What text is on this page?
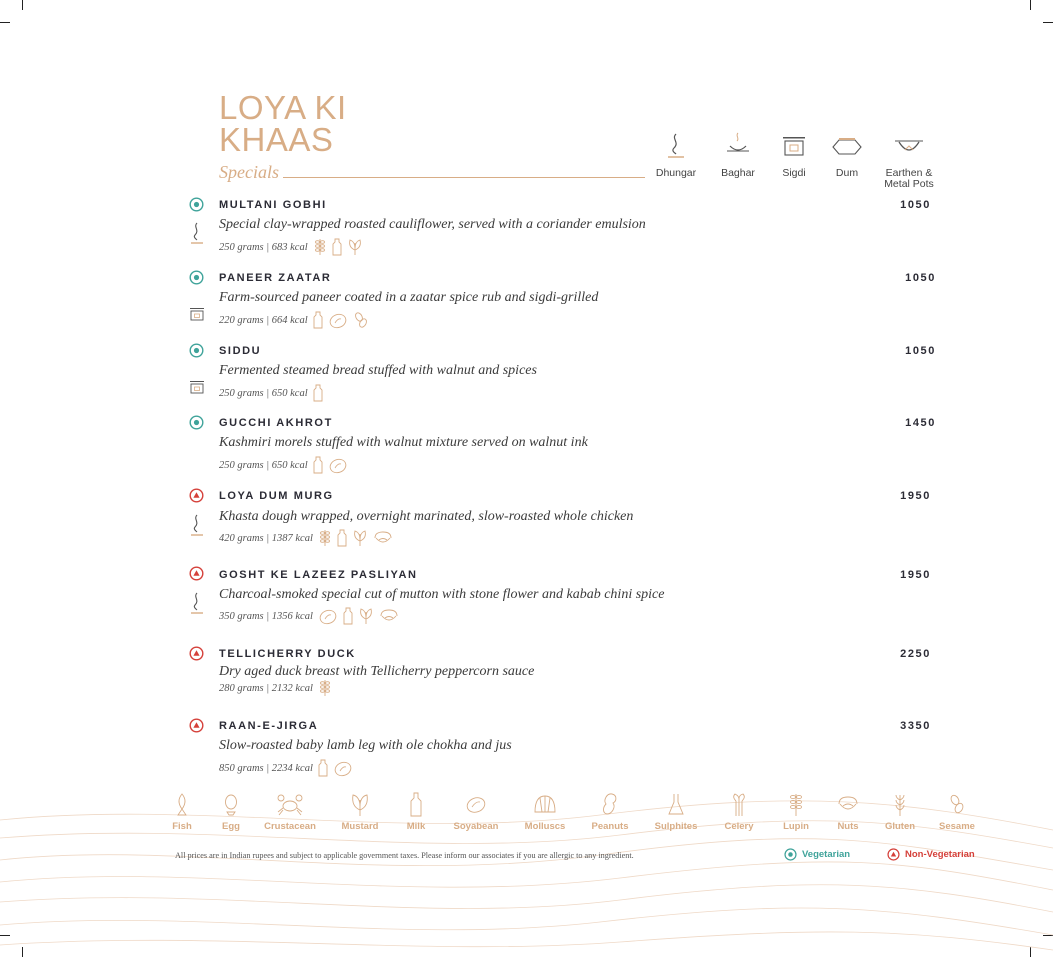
LOYA KI
KHAAS
Specials	Dhungar	Baghar	Sigdi	Dum	Earthen & Metal Pots
MULTANI GOBHI	1050
Special clay-wrapped roasted cauliflower, served with a coriander emulsion
250 grams | 683 kcal
PANEER ZAATAR	1050
Farm-sourced paneer coated in a zaatar spice rub and sigdi-grilled
220 grams | 664 kcal
SIDDU	1050
Fermented steamed bread stuffed with walnut and spices
250 grams | 650 kcal
GUCCHI AKHROT	1450
Kashmiri morels stuffed with walnut mixture served on walnut ink
250 grams | 650 kcal
LOYA DUM MURG	1950
Khasta dough wrapped, overnight marinated, slow-roasted whole chicken
420 grams | 1387 kcal
GOSHT KE LAZEEZ PASLIYAN	1950
Charcoal-smoked special cut of mutton with stone flower and kabab chini spice
350 grams | 1356 kcal
TELLICHERRY DUCK	2250
Dry aged duck breast with Tellicherry peppercorn sauce
280 grams | 2132 kcal
RAAN-E-JIRGA	3350
Slow-roasted baby lamb leg with ole chokha and jus
850 grams | 2234 kcal
Fish	Egg	Crustacean	Mustard	Milk	Soyabean	Molluscs	Peanuts	Sulphites	Celery	Lupin	Nuts	Gluten	Sesame
All prices are in Indian rupees and subject to applicable government taxes. Please inform our associates if you are allergic to any ingredient.	Vegetarian	Non-Vegetarian
